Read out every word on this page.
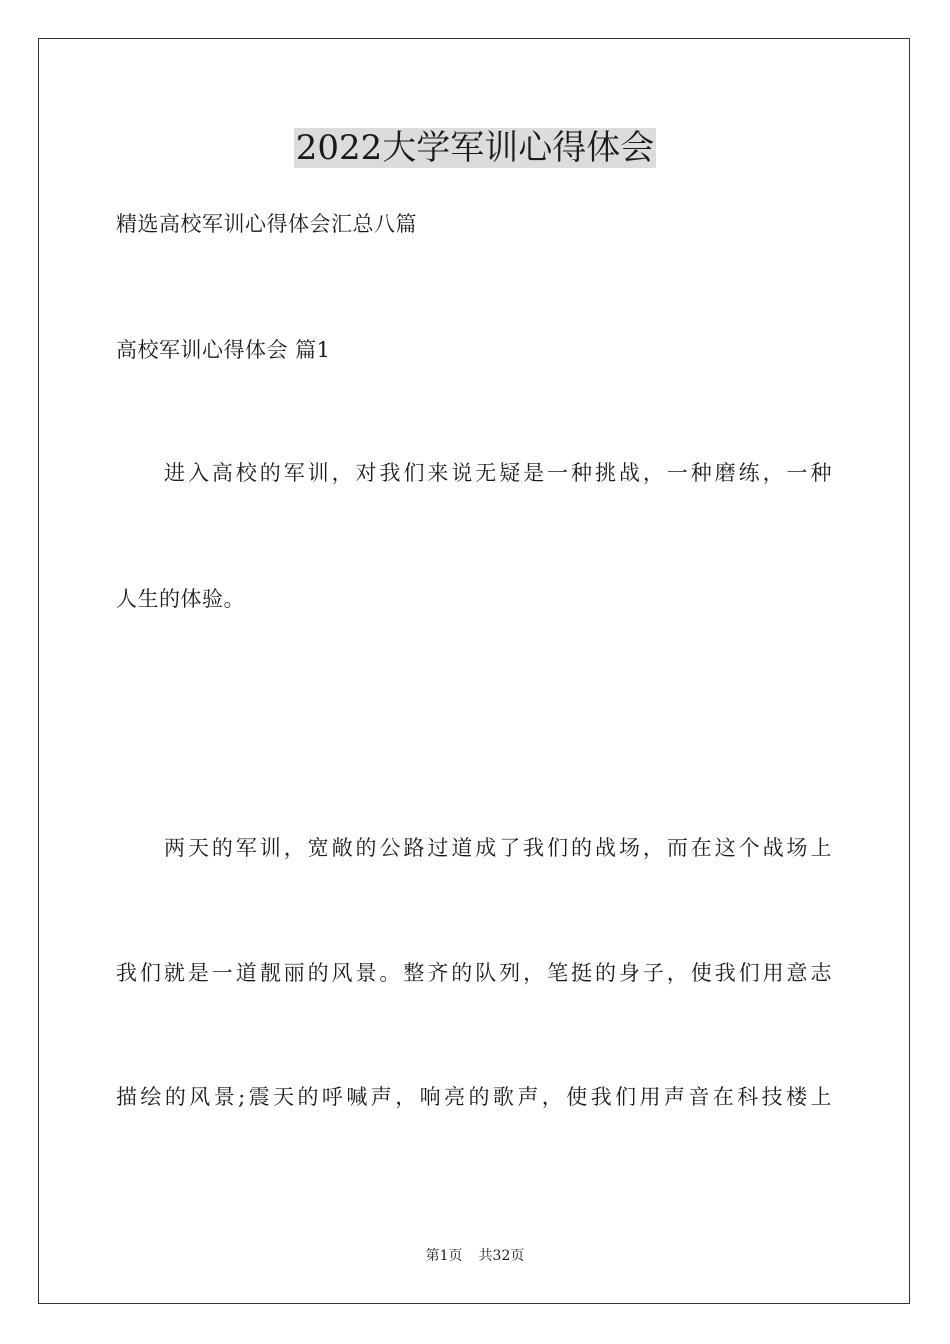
2022大学军训心得体会
精选高校军训心得体会汇总八篇
高校军训心得体会 篇1
进入高校的军训，对我们来说无疑是一种挑战，一种磨练，一种
人生的体验。
两天的军训，宽敞的公路过道成了我们的战场，而在这个战场上
我们就是一道靓丽的风景。整齐的队列，笔挺的身子，使我们用意志
描绘的风景;震天的呼喊声，响亮的歌声，使我们用声音在科技楼上
第1页 共32页
